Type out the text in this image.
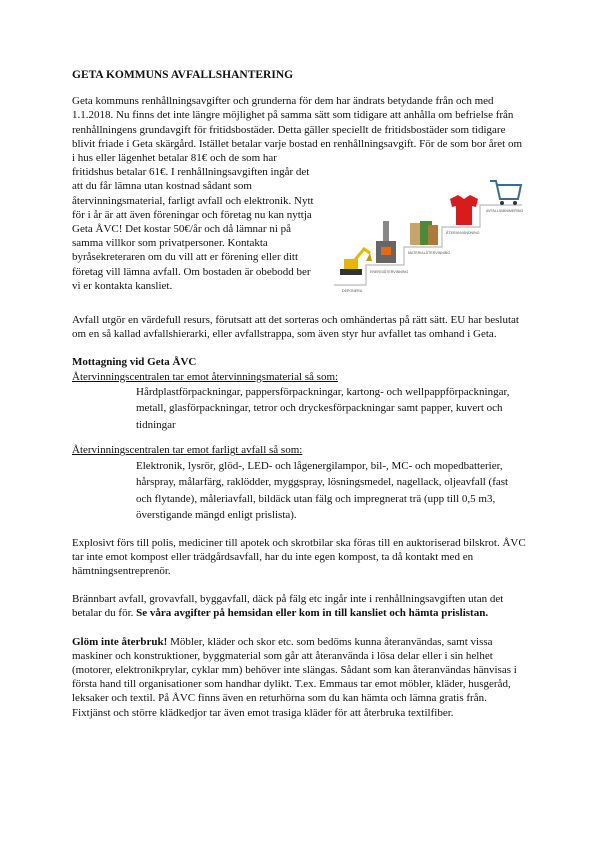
GETA KOMMUNS AVFALLSHANTERING

Geta kommuns renhållningsavgifter och grunderna för dem har ändrats betydande från och med 1.1.2018. Nu finns det inte längre möjlighet på samma sätt som tidigare att anhålla om befrielse från renhållningens grundavgift för fritidsbostäder. Detta gäller speciellt de fritidsbostäder som tidigare blivit friade i Geta skärgård. Istället betalar varje bostad en renhållningsavgift.
DEPONERA
ENERGIÅTERVINNING
MATERIALÅTERVINNING
ÅTERANVÄNDNING
AVFALLSMINIMERING
För de som bor året om i hus eller lägenhet betalar 81€ och de som har fritidshus betalar 61€. I renhållningsavgiften ingår det att du får lämna utan kostnad sådant som återvinningsmaterial, farligt avfall och elektronik. Nytt för i år är att även föreningar och företag nu kan nyttja Geta ÅVC! Det kostar 50€/år och då lämnar ni på samma villkor som privatpersoner. Kontakta byråsekreteraren om du vill att er förening eller ditt företag vill lämna avfall. Om bostaden är obebodd ber vi er kontakta kansliet.

Avfall utgör en värdefull resurs, förutsatt att det sorteras och omhändertas på rätt sätt. EU har beslutat om en så kallad avfallshierarki, eller avfallstrappa, som även styr hur avfallet tas omhand i Geta.

Mottagning vid Geta ÅVC
Återvinningscentralen tar emot återvinningsmaterial så som:

Hårdplastförpackningar, pappersförpackningar, kartong- och wellpappförpackningar, metall, glasförpackningar, tetror och dryckesförpackningar samt papper, kuvert och tidningar

Återvinningscentralen tar emot farligt avfall så som:

Elektronik, lysrör, glöd-, LED- och lågenergilampor, bil-, MC- och mopedbatterier, hårspray, målarfärg, raklödder, myggspray, lösningsmedel, nagellack, oljeavfall (fast och flytande), måleriavfall, bildäck utan fälg och impregnerat trä (upp till 0,5 m3, överstigande mängd enligt prislista).

Explosivt förs till polis, mediciner till apotek och skrotbilar ska föras till en auktoriserad bilskrot. ÅVC tar inte emot kompost eller trädgårdsavfall, har du inte egen kompost, ta då kontakt med en hämtningsentreprenör.

Brännbart avfall, grovavfall, byggavfall, däck på fälg etc ingår inte i renhållningsavgiften utan det betalar du för. Se våra avgifter på hemsidan eller kom in till kansliet och hämta prislistan.

Glöm inte återbruk! Möbler, kläder och skor etc. som bedöms kunna återanvändas, samt vissa maskiner och konstruktioner, byggmaterial som går att återanvända i lösa delar eller i sin helhet (motorer, elektronikprylar, cyklar mm) behöver inte slängas. Sådant som kan återanvändas hänvisas i första hand till organisationer som handhar dylikt. T.ex. Emmaus tar emot möbler, kläder, husgeråd, leksaker och textil. På ÅVC finns även en returhörna som du kan hämta och lämna gratis från. Fixtjänst och större klädkedjor tar även emot trasiga kläder för att återbruka textilfiber.
